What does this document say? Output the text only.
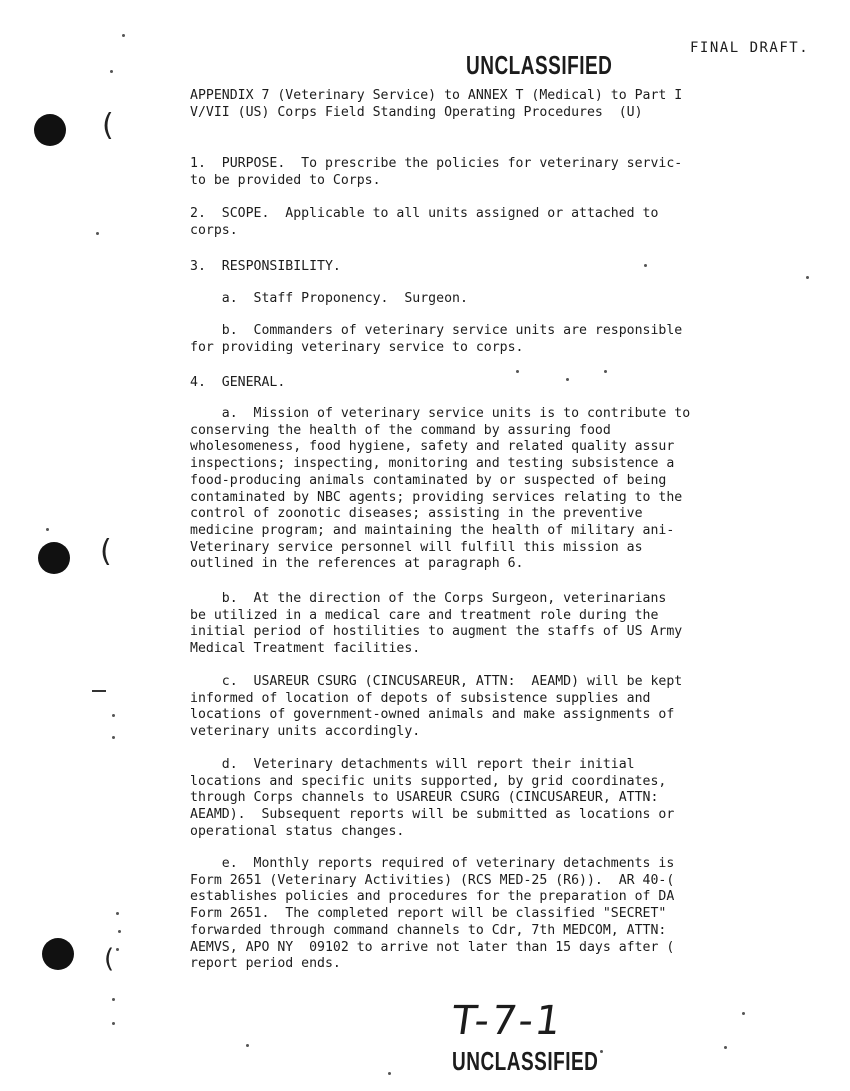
UNCLASSIFIED
FINAL DRAFT.
APPENDIX 7 (Veterinary Service) to ANNEX T (Medical) to Part I
V/VII (US) Corps Field Standing Operating Procedures  (U)
1.  PURPOSE.  To prescribe the policies for veterinary servic-
to be provided to Corps.
2.  SCOPE.  Applicable to all units assigned or attached to
corps.
3.  RESPONSIBILITY.
a.  Staff Proponency.  Surgeon.
b.  Commanders of veterinary service units are responsible
for providing veterinary service to corps.
4.  GENERAL.
a.  Mission of veterinary service units is to contribute to
conserving the health of the command by assuring food
wholesomeness, food hygiene, safety and related quality assur
inspections; inspecting, monitoring and testing subsistence a
food-producing animals contaminated by or suspected of being
contaminated by NBC agents; providing services relating to the
control of zoonotic diseases; assisting in the preventive
medicine program; and maintaining the health of military ani-
Veterinary service personnel will fulfill this mission as
outlined in the references at paragraph 6.
b.  At the direction of the Corps Surgeon, veterinarians
be utilized in a medical care and treatment role during the
initial period of hostilities to augment the staffs of US Army
Medical Treatment facilities.
c.  USAREUR CSURG (CINCUSAREUR, ATTN:  AEAMD) will be kept
informed of location of depots of subsistence supplies and
locations of government-owned animals and make assignments of
veterinary units accordingly.
d.  Veterinary detachments will report their initial
locations and specific units supported, by grid coordinates,
through Corps channels to USAREUR CSURG (CINCUSAREUR, ATTN:
AEAMD).  Subsequent reports will be submitted as locations or
operational status changes.
e.  Monthly reports required of veterinary detachments is
Form 2651 (Veterinary Activities) (RCS MED-25 (R6)).  AR 40-(
establishes policies and procedures for the preparation of DA
Form 2651.  The completed report will be classified "SECRET"
forwarded through command channels to Cdr, 7th MEDCOM, ATTN:
AEMVS, APO NY  09102 to arrive not later than 15 days after (
report period ends.
T-7-1
UNCLASSIFIED
(
(
(
